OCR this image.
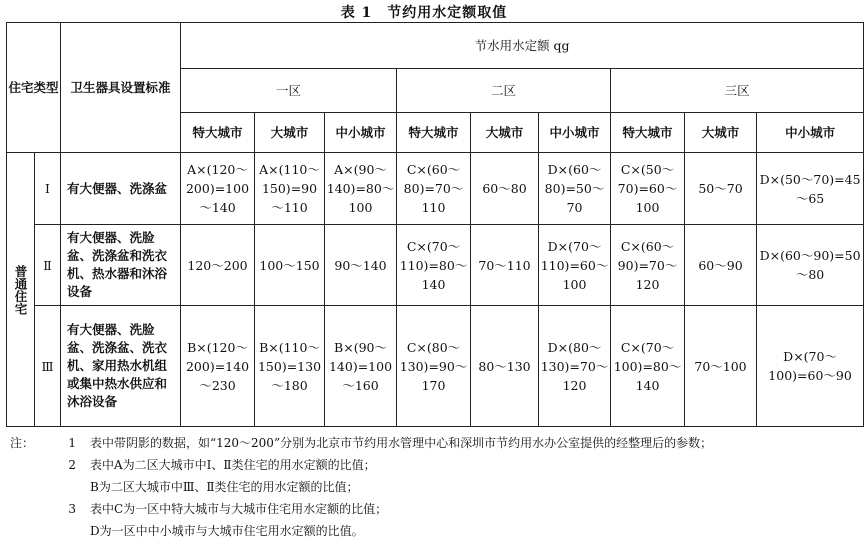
表 1　节约用水定额取值
住宅类型		卫生器具设置标准	节水用水定额 qg								
			一区			二区			三区		
			特大城市	大城市	中小城市	特大城市	大城市	中小城市	特大城市	大城市	中小城市
普通住宅	Ⅰ	有大便器、洗涤盆	A×(120～200)=100～140	A×(110～150)=90～110	A×(90～140)=80～100	C×(60～80)=70～110	60～80	D×(60～80)=50～70	C×(50～70)=60～100	50～70	D×(50～70)=45～65
	Ⅱ	有大便器、洗脸盆、洗涤盆和洗衣机、热水器和沐浴设备	120～200	100～150	90～140	C×(70～110)=80～140	70～110	D×(70～110)=60～100	C×(60～90)=70～120	60～90	D×(60～90)=50～80
	Ⅲ	有大便器、洗脸盆、洗涤盆、洗衣机、家用热水机组或集中热水供应和沐浴设备	B×(120～200)=140～230	B×(110～150)=130～180	B×(90～140)=100～160	C×(80～130)=90～170	80～130	D×(80～130)=70～120	C×(70～100)=80～140	70～100	D×(70～100)=60～90
注：	1 表中带阴影的数据，如“120～200”分别为北京市节约用水管理中心和深圳市节约用水办公室提供的经整理后的参数；
2 表中A为二区大城市中Ⅰ、Ⅱ类住宅的用水定额的比值；
B为二区大城市中Ⅲ、Ⅱ类住宅的用水定额的比值；
3 表中C为一区中特大城市与大城市住宅用水定额的比值；
D为一区中中小城市与大城市住宅用水定额的比值。
